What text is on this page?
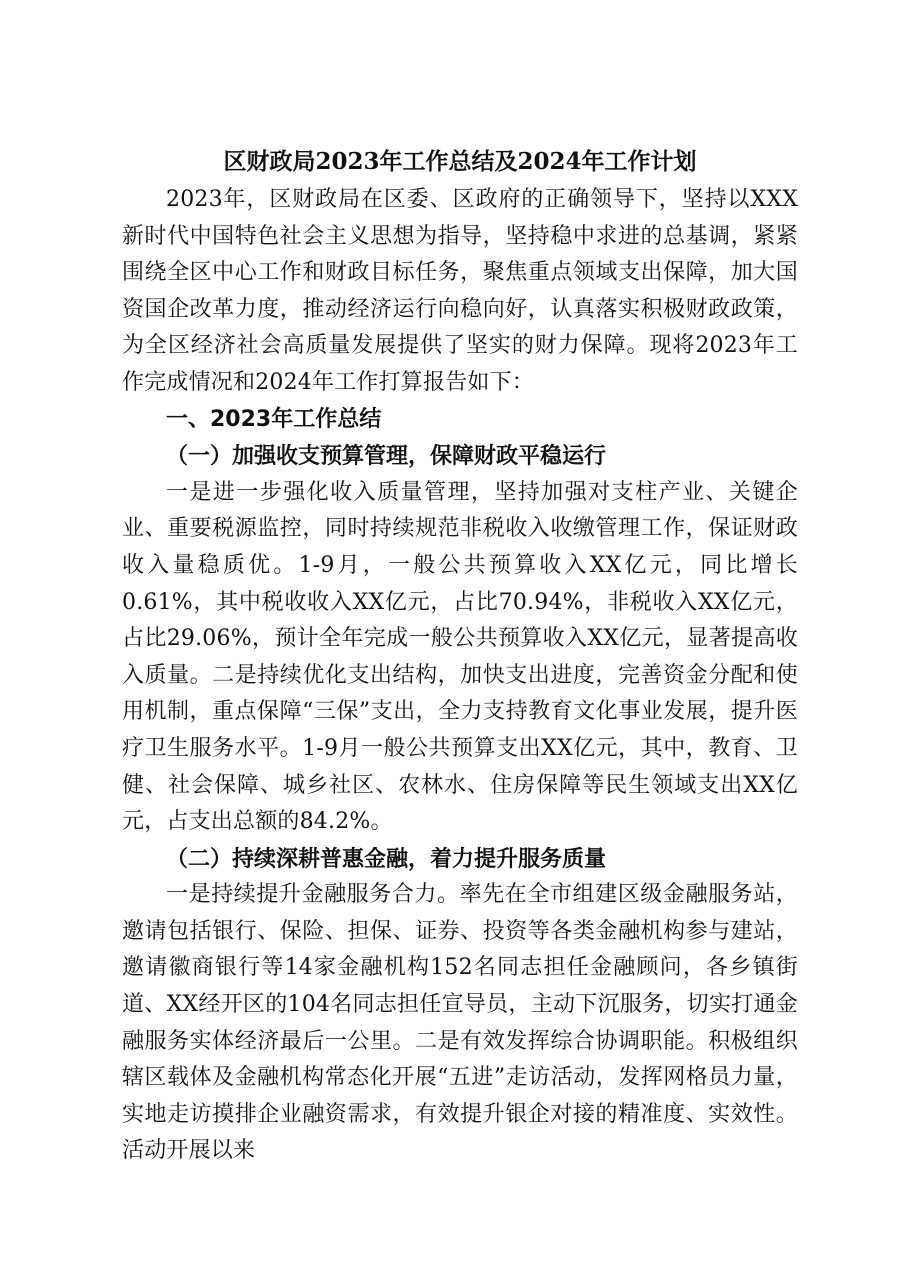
区财政局2023年工作总结及2024年工作计划

2023年，区财政局在区委、区政府的正确领导下，坚持以XXX新时代中国特色社会主义思想为指导，坚持稳中求进的总基调，紧紧围绕全区中心工作和财政目标任务，聚焦重点领域支出保障，加大国资国企改革力度，推动经济运行向稳向好，认真落实积极财政政策，为全区经济社会高质量发展提供了坚实的财力保障。现将2023年工作完成情况和2024年工作打算报告如下：

一、2023年工作总结
（一）加强收支预算管理，保障财政平稳运行

一是进一步强化收入质量管理，坚持加强对支柱产业、关键企业、重要税源监控，同时持续规范非税收入收缴管理工作，保证财政收入量稳质优。1-9月，一般公共预算收入XX亿元，同比增长0.61%，其中税收收入XX亿元，占比70.94%，非税收入XX亿元，占比29.06%，预计全年完成一般公共预算收入XX亿元，显著提高收入质量。二是持续优化支出结构，加快支出进度，完善资金分配和使用机制，重点保障“三保”支出，全力支持教育文化事业发展，提升医疗卫生服务水平。1-9月一般公共预算支出XX亿元，其中，教育、卫健、社会保障、城乡社区、农林水、住房保障等民生领域支出XX亿元，占支出总额的84.2%。

（二）持续深耕普惠金融，着力提升服务质量

一是持续提升金融服务合力。率先在全市组建区级金融服务站，邀请包括银行、保险、担保、证券、投资等各类金融机构参与建站，邀请徽商银行等14家金融机构152名同志担任金融顾问，各乡镇街道、XX经开区的104名同志担任宣导员，主动下沉服务，切实打通金融服务实体经济最后一公里。二是有效发挥综合协调职能。积极组织辖区载体及金融机构常态化开展“五进”走访活动，发挥网格员力量，实地走访摸排企业融资需求，有效提升银企对接的精准度、实效性。活动开展以来
